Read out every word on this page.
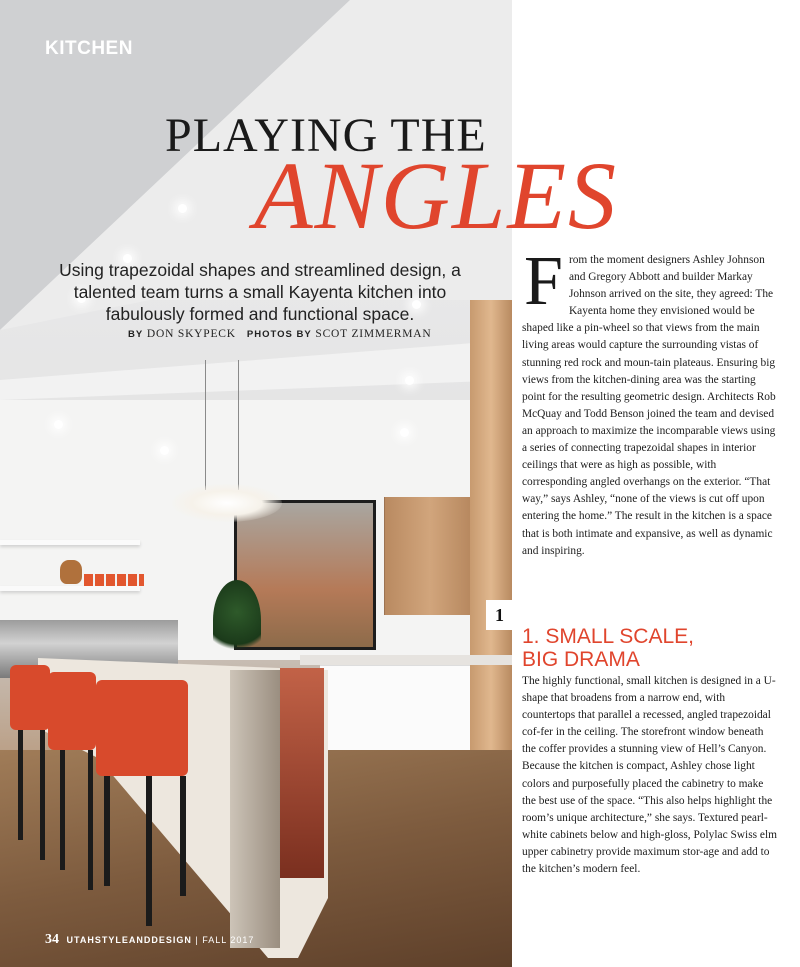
KITCHEN
PLAYING THE
ANGLES
Using trapezoidal shapes and streamlined design, a talented team turns a small Kayenta kitchen into fabulously formed and functional space.
BY DON SKYPECK PHOTOS BY SCOT ZIMMERMAN
From the moment designers Ashley Johnson and Gregory Abbott and builder Markay Johnson arrived on the site, they agreed: The Kayenta home they envisioned would be shaped like a pin-wheel so that views from the main living areas would capture the surrounding vistas of stunning red rock and moun-tain plateaus. Ensuring big views from the kitchen-dining area was the starting point for the resulting geometric design. Architects Rob McQuay and Todd Benson joined the team and devised an approach to maximize the incomparable views using a series of connecting trapezoidal shapes in interior ceilings that were as high as possible, with corresponding angled overhangs on the exterior. “That way,” says Ashley, “none of the views is cut off upon entering the home.” The result in the kitchen is a space that is both intimate and expansive, as well as dynamic and inspiring.
1
1. SMALL SCALE,
BIG DRAMA
The highly functional, small kitchen is designed in a U-shape that broadens from a narrow end, with countertops that parallel a recessed, angled trapezoidal cof-fer in the ceiling. The storefront window beneath the coffer provides a stunning view of Hell’s Canyon. Because the kitchen is compact, Ashley chose light colors and purposefully placed the cabinetry to make the best use of the space. “This also helps highlight the room’s unique architecture,” she says. Textured pearl-white cabinets below and high-gloss, Polylac Swiss elm upper cabinetry provide maximum stor-age and add to the kitchen’s modern feel.
34 UTAHSTYLEANDDESIGN | FALL 2017
